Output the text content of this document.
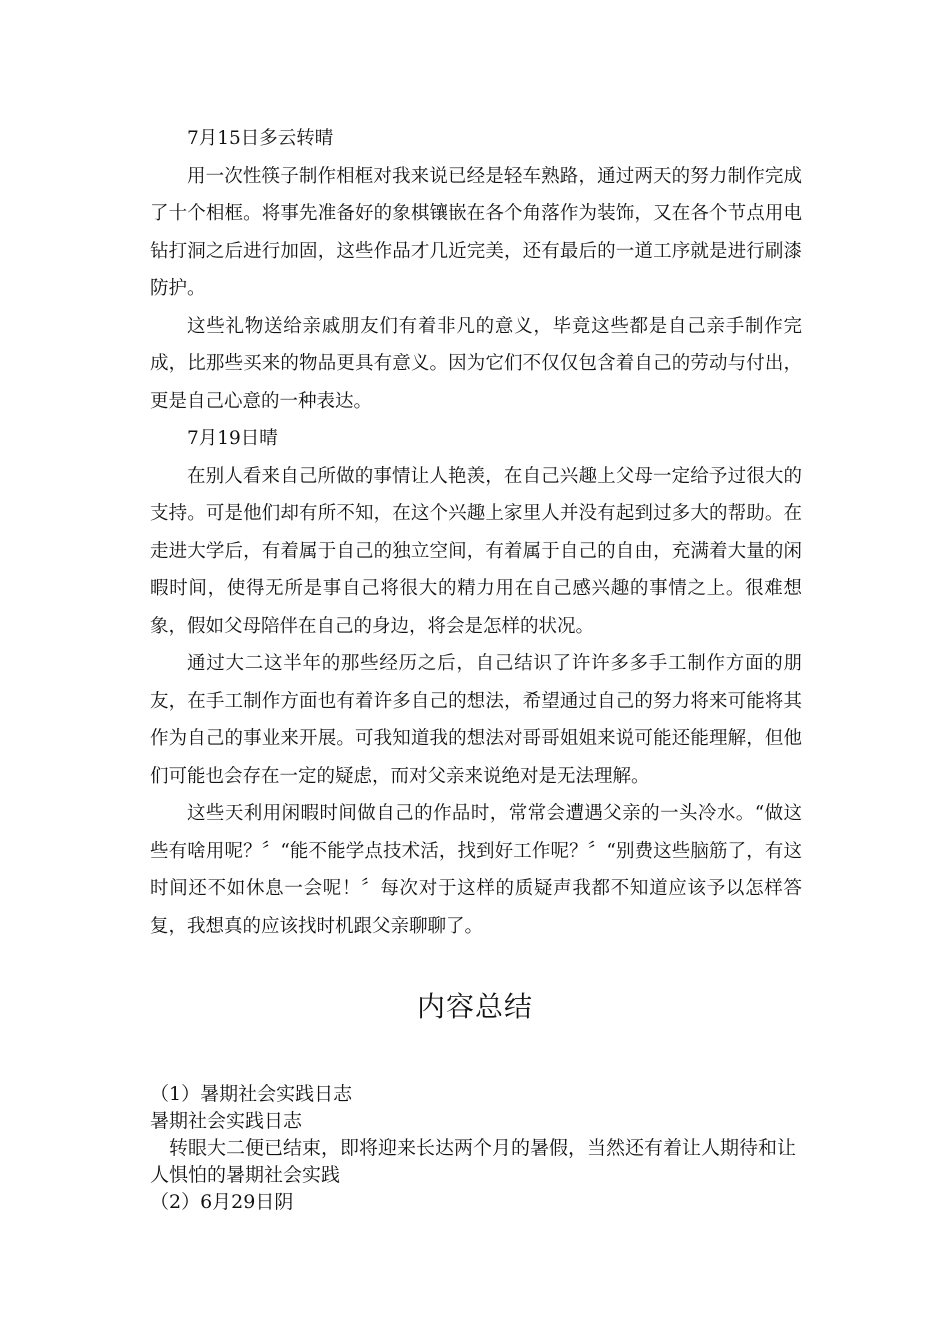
7月15日多云转晴

用一次性筷子制作相框对我来说已经是轻车熟路，通过两天的努力制作完成了十个相框。将事先准备好的象棋镶嵌在各个角落作为装饰，又在各个节点用电钻打洞之后进行加固，这些作品才几近完美，还有最后的一道工序就是进行刷漆防护。

这些礼物送给亲戚朋友们有着非凡的意义，毕竟这些都是自己亲手制作完成，比那些买来的物品更具有意义。因为它们不仅仅包含着自己的劳动与付出，更是自己心意的一种表达。

7月19日晴

在别人看来自己所做的事情让人艳羡，在自己兴趣上父母一定给予过很大的支持。可是他们却有所不知，在这个兴趣上家里人并没有起到过多大的帮助。在走进大学后，有着属于自己的独立空间，有着属于自己的自由，充满着大量的闲暇时间，使得无所是事自己将很大的精力用在自己感兴趣的事情之上。很难想象，假如父母陪伴在自己的身边，将会是怎样的状况。

通过大二这半年的那些经历之后，自己结识了许许多多手工制作方面的朋友，在手工制作方面也有着许多自己的想法，希望通过自己的努力将来可能将其作为自己的事业来开展。可我知道我的想法对哥哥姐姐来说可能还能理解，但他们可能也会存在一定的疑虑，而对父亲来说绝对是无法理解。

这些天利用闲暇时间做自己的作品时，常常会遭遇父亲的一头冷水。“做这些有啥用呢？〞“能不能学点技术活，找到好工作呢？〞“别费这些脑筋了，有这时间还不如休息一会呢！〞每次对于这样的质疑声我都不知道应该予以怎样答复，我想真的应该找时机跟父亲聊聊了。

内容总结

（1）暑期社会实践日志

暑期社会实践日志

转眼大二便已结束，即将迎来长达两个月的暑假，当然还有着让人期待和让人惧怕的暑期社会实践

（2）6月29日阴
